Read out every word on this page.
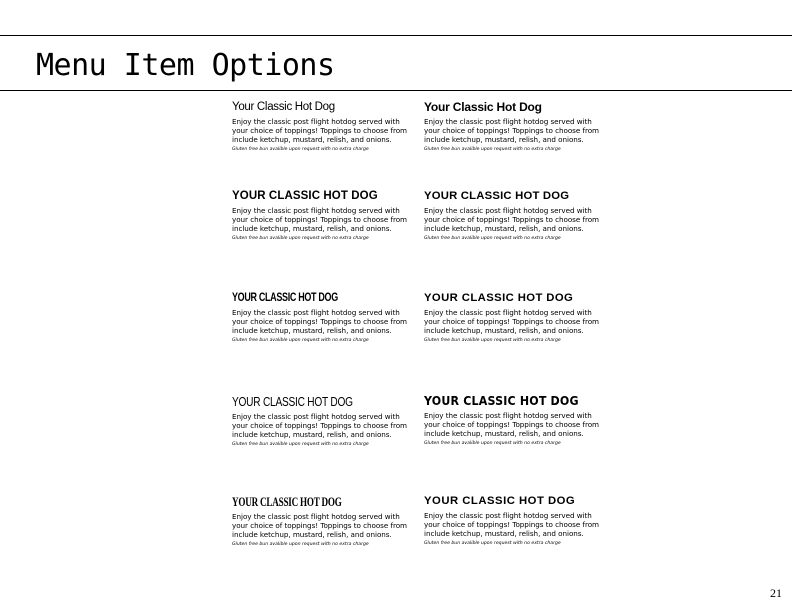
Menu Item Options

Your Classic Hot Dog

Enjoy the classic post flight hotdog served with your choice of toppings! Toppings to choose from include ketchup, mustard, relish, and onions.

Gluten free bun avalible upon request with no extra charge

Your Classic Hot Dog

Enjoy the classic post flight hotdog served with your choice of toppings! Toppings to choose from include ketchup, mustard, relish, and onions.

Gluten free bun avalible upon request with no extra charge

YOUR CLASSIC HOT DOG

Enjoy the classic post flight hotdog served with your choice of toppings! Toppings to choose from include ketchup, mustard, relish, and onions.

Gluten free bun avalible upon request with no extra charge

YOUR CLASSIC HOT DOG

Enjoy the classic post flight hotdog served with your choice of toppings! Toppings to choose from include ketchup, mustard, relish, and onions.

Gluten free bun avalible upon request with no extra charge

YOUR CLASSIC HOT DOG

Enjoy the classic post flight hotdog served with your choice of toppings! Toppings to choose from include ketchup, mustard, relish, and onions.

Gluten free bun avalible upon request with no extra charge

YOUR CLASSIC HOT DOG

Enjoy the classic post flight hotdog served with your choice of toppings! Toppings to choose from include ketchup, mustard, relish, and onions.

Gluten free bun avalible upon request with no extra charge

YOUR CLASSIC HOT DOG

Enjoy the classic post flight hotdog served with your choice of toppings! Toppings to choose from include ketchup, mustard, relish, and onions.

Gluten free bun avalible upon request with no extra charge

YOUR CLASSIC HOT DOG

Enjoy the classic post flight hotdog served with your choice of toppings! Toppings to choose from include ketchup, mustard, relish, and onions.

Gluten free bun avalible upon request with no extra charge

YOUR CLASSIC HOT DOG

Enjoy the classic post flight hotdog served with your choice of toppings! Toppings to choose from include ketchup, mustard, relish, and onions.

Gluten free bun avalible upon request with no extra charge

YOUR CLASSIC HOT DOG

Enjoy the classic post flight hotdog served with your choice of toppings! Toppings to choose from include ketchup, mustard, relish, and onions.

Gluten free bun avalible upon request with no extra charge

21
